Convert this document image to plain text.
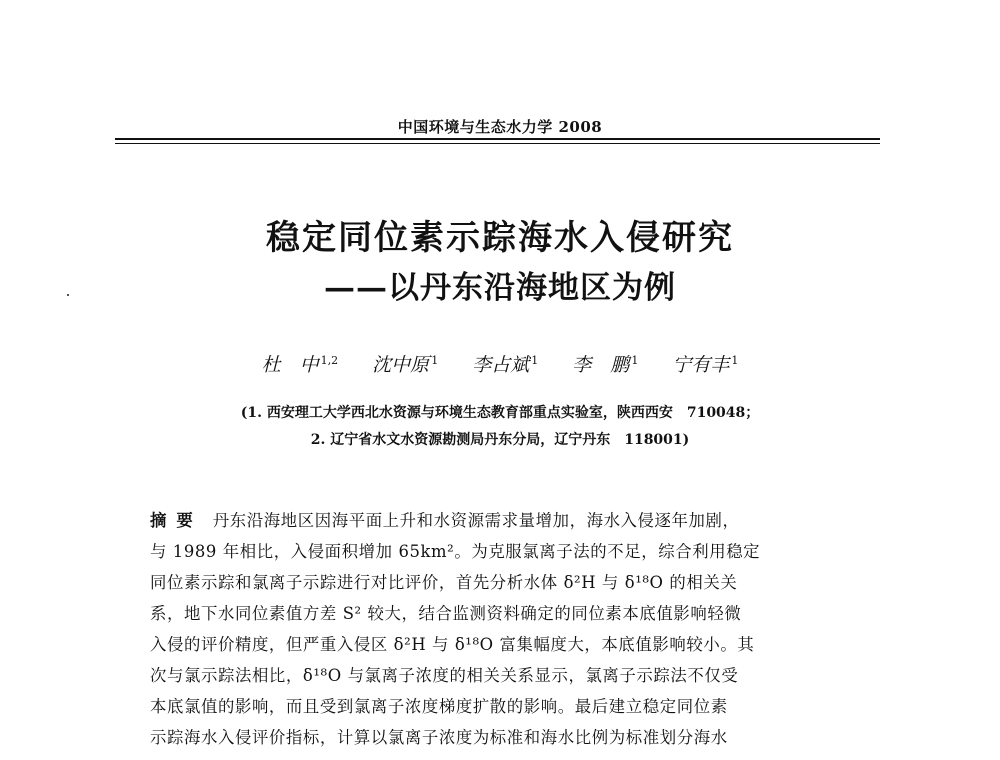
中国环境与生态水力学 2008
稳定同位素示踪海水入侵研究
——以丹东沿海地区为例
杜　中 $^{1,2}$ 沈中原 $^1$ 李占斌 $^1$ 李　鹏 $^1$ 宁有丰 $^1$
(1. 西安理工大学西北水资源与环境生态教育部重点实验室，陕西西安　710048；
2. 辽宁省水文水资源勘测局丹东分局，辽宁丹东　118001)
摘要 丹东沿海地区因海平面上升和水资源需求量增加，海水入侵逐年加剧，
与 1989 年相比，入侵面积增加 65km²。为克服氯离子法的不足，综合利用稳定
同位素示踪和氯离子示踪进行对比评价，首先分析水体 δ²H 与 δ¹⁸O 的相关关
系，地下水同位素值方差 S² 较大，结合监测资料确定的同位素本底值影响轻微
入侵的评价精度，但严重入侵区 δ²H 与 δ¹⁸O 富集幅度大，本底值影响较小。其
次与氯示踪法相比，δ¹⁸O 与氯离子浓度的相关关系显示，氯离子示踪法不仅受
本底氯值的影响，而且受到氯离子浓度梯度扩散的影响。最后建立稳定同位素
示踪海水入侵评价指标，计算以氯离子浓度为标准和海水比例为标准划分海水
